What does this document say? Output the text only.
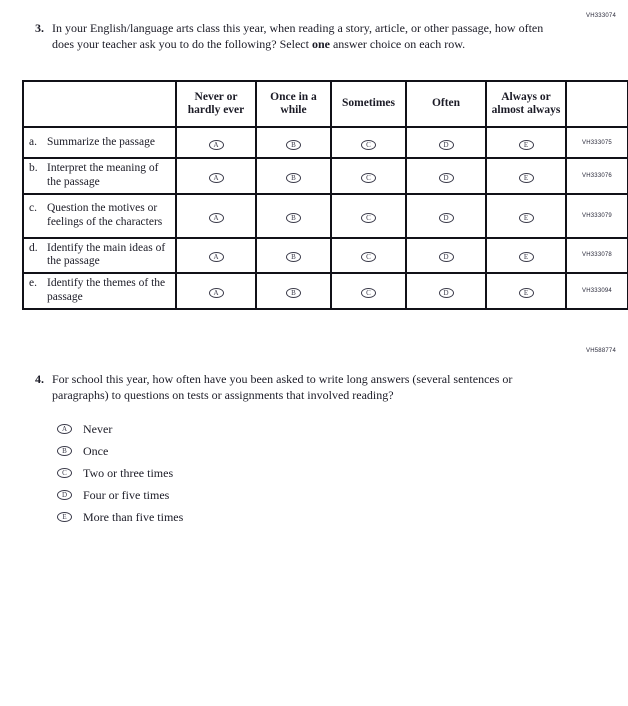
VH333074
3. In your English/language arts class this year, when reading a story, article, or other passage, how often does your teacher ask you to do the following? Select one answer choice on each row.
	Never or hardly ever	Once in a while	Sometimes	Often	Always or almost always	

a. Summarize the passage	A	B	C	D	E	VH333075

b. Interpret the meaning of the passage	A	B	C	D	E	VH333076

c. Question the motives or feelings of the characters	A	B	C	D	E	VH333079

d. Identify the main ideas of the passage	A	B	C	D	E	VH333078

e. Identify the themes of the passage	A	B	C	D	E	VH333094
VH588774
4. For school this year, how often have you been asked to write long answers (several sentences or paragraphs) to questions on tests or assignments that involved reading?
A	Never
B	Once
C	Two or three times
D	Four or five times
E	More than five times
